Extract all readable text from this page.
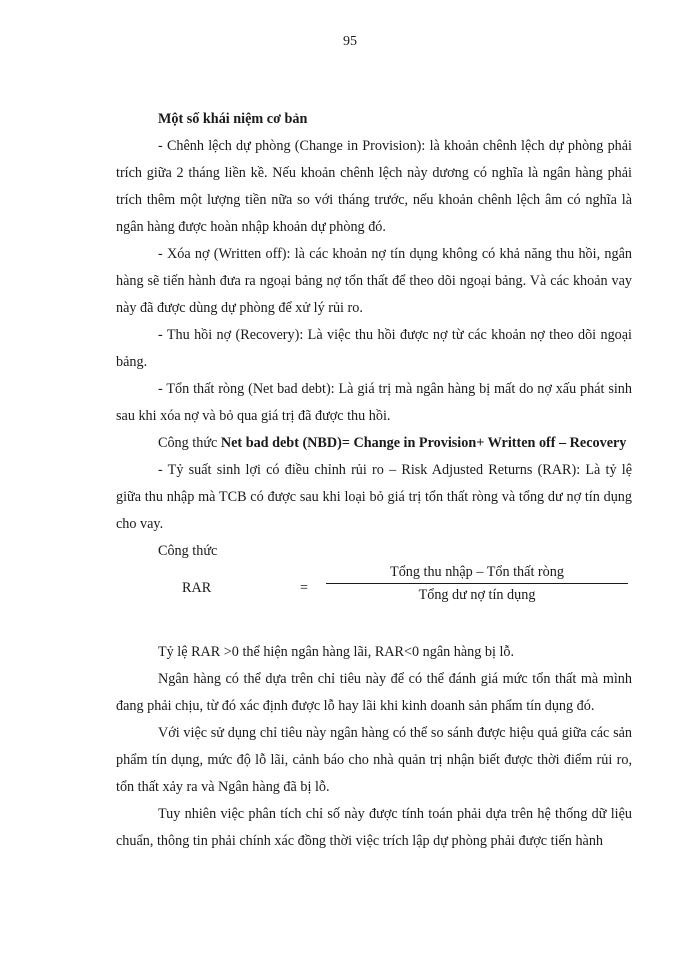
95

Một số khái niệm cơ bản

- Chênh lệch dự phòng (Change in Provision): là khoản chênh lệch dự phòng phải trích giữa 2 tháng liền kề. Nếu khoản chênh lệch này dương có nghĩa là ngân hàng phải trích thêm một lượng tiền nữa so với tháng trước, nếu khoản chênh lệch âm có nghĩa là ngân hàng được hoàn nhập khoản dự phòng đó.

- Xóa nợ (Written off): là các khoản nợ tín dụng không có khả năng thu hồi, ngân hàng sẽ tiến hành đưa ra ngoại bảng nợ tổn thất để theo dõi ngoại bảng. Và các khoản vay này đã được dùng dự phòng để xử lý rủi ro.

- Thu hồi nợ (Recovery): Là việc thu hồi được nợ từ các khoản nợ theo dõi ngoại bảng.

- Tổn thất ròng (Net bad debt): Là giá trị mà ngân hàng bị mất do nợ xấu phát sinh sau khi xóa nợ và bỏ qua giá trị đã được thu hồi.

Công thức Net bad debt (NBD)= Change in Provision+ Written off – Recovery

- Tỷ suất sinh lợi có điều chỉnh rủi ro – Risk Adjusted Returns (RAR): Là tỷ lệ giữa thu nhập mà TCB có được sau khi loại bỏ giá trị tổn thất ròng và tổng dư nợ tín dụng cho vay.

Công thức

RAR	=
Tổng thu nhập – Tổn thất ròng
Tổng dư nợ tín dụng

Tỷ lệ RAR >0 thể hiện ngân hàng lãi, RAR<0 ngân hàng bị lỗ.

Ngân hàng có thể dựa trên chỉ tiêu này để có thể đánh giá mức tổn thất mà mình đang phải chịu, từ đó xác định được lỗ hay lãi khi kinh doanh sản phẩm tín dụng đó.

Với việc sử dụng chỉ tiêu này ngân hàng có thể so sánh được hiệu quả giữa các sản phẩm tín dụng, mức độ lỗ lãi, cảnh báo cho nhà quản trị nhận biết được thời điểm rủi ro, tổn thất xảy ra và Ngân hàng đã bị lỗ.

Tuy nhiên việc phân tích chỉ số này được tính toán phải dựa trên hệ thống dữ liệu chuẩn, thông tin phải chính xác đồng thời việc trích lập dự phòng phải được tiến hành
